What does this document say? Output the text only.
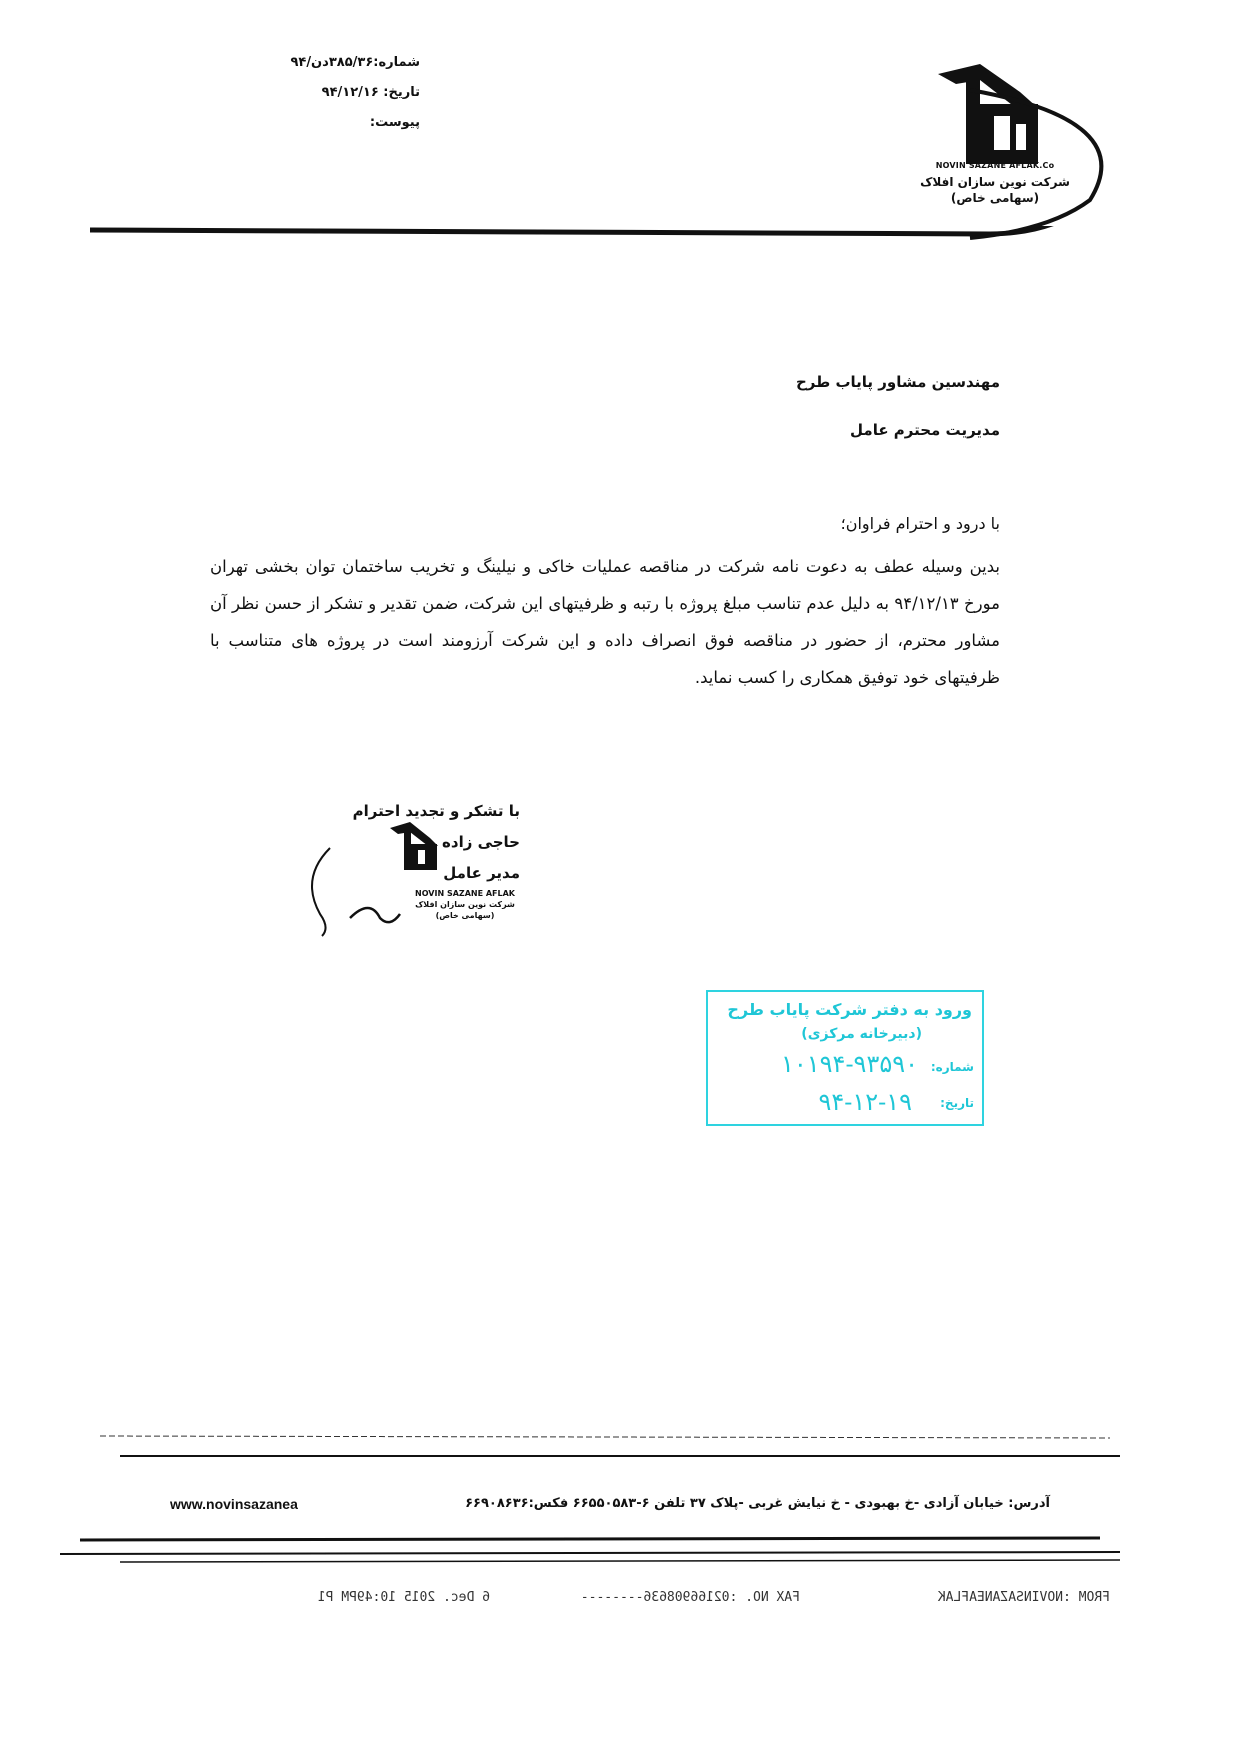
شماره:۳۸۵/۳۶دن/۹۴
تاریخ: ۹۴/۱۲/۱۶
پیوست:
NOVIN SAZANE AFLAK.Co
شرکت نوین سازان افلاک
(سهامی خاص)
مهندسین مشاور پایاب طرح
مدیریت محترم عامل
با درود و احترام فراوان؛
بدین وسیله عطف به دعوت نامه شرکت در مناقصه عملیات خاکی و نیلینگ و تخریب ساختمان توان بخشی تهران مورخ ۹۴/۱۲/۱۳ به دلیل عدم تناسب مبلغ پروژه با رتبه و ظرفیتهای این شرکت، ضمن تقدیر و تشکر از حسن نظر آن مشاور محترم، از حضور در مناقصه فوق انصراف داده و این شرکت آرزومند است در پروژه های متناسب با ظرفیتهای خود توفیق همکاری را کسب نماید.
NOVIN SAZANE AFLAK
شرکت نوین سازان افلاک
(سهامی خاص)
با تشکر و تجدید احترام
حاجی زاده
مدیر عامل
ورود به دفتر شرکت پایاب طرح
(دبیرخانه مرکزی)
شماره:
۱۰۱۹۴-۹۳۵۹۰
تاریخ:
۹۴-۱۲-۱۹
www.novinsazanea	آدرس: خیابان آزادی -خ بهبودی - خ نیایش غربی -پلاک ۳۷ تلفن ۶-۶۶۵۵۰۵۸۳ فکس:۶۶۹۰۸۶۳۶
FROM :NOVINSAZANEAFLAK
FAX NO. :02166908636--------
6 Dec. 2015 10:49PM P1
